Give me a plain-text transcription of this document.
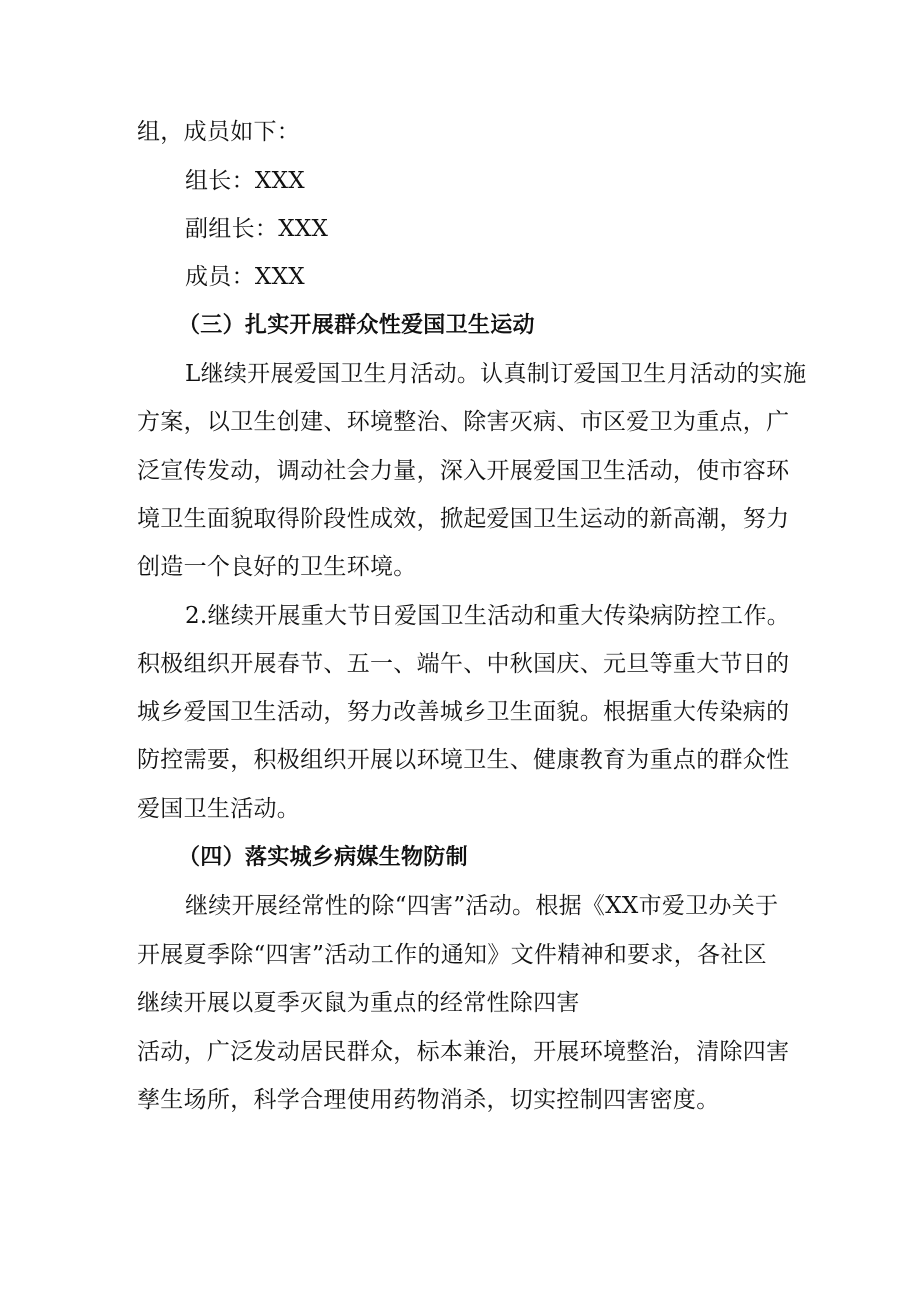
组，成员如下：
组长：XXX
副组长：XXX
成员：XXX
（三）扎实开展群众性爱国卫生运动
L继续开展爱国卫生月活动。认真制订爱国卫生月活动的实施
方案，以卫生创建、环境整治、除害灭病、市区爱卫为重点，广
泛宣传发动，调动社会力量，深入开展爱国卫生活动，使市容环
境卫生面貌取得阶段性成效，掀起爱国卫生运动的新高潮，努力
创造一个良好的卫生环境。
2.继续开展重大节日爱国卫生活动和重大传染病防控工作。
积极组织开展春节、五一、端午、中秋国庆、元旦等重大节日的
城乡爱国卫生活动，努力改善城乡卫生面貌。根据重大传染病的
防控需要，积极组织开展以环境卫生、健康教育为重点的群众性
爱国卫生活动。
（四）落实城乡病媒生物防制
继续开展经常性的除“四害”活动。根据《XX市爱卫办关于
开展夏季除“四害”活动工作的通知》文件精神和要求，各社区
继续开展以夏季灭鼠为重点的经常性除四害
活动，广泛发动居民群众，标本兼治，开展环境整治，清除四害
孳生场所，科学合理使用药物消杀，切实控制四害密度。
